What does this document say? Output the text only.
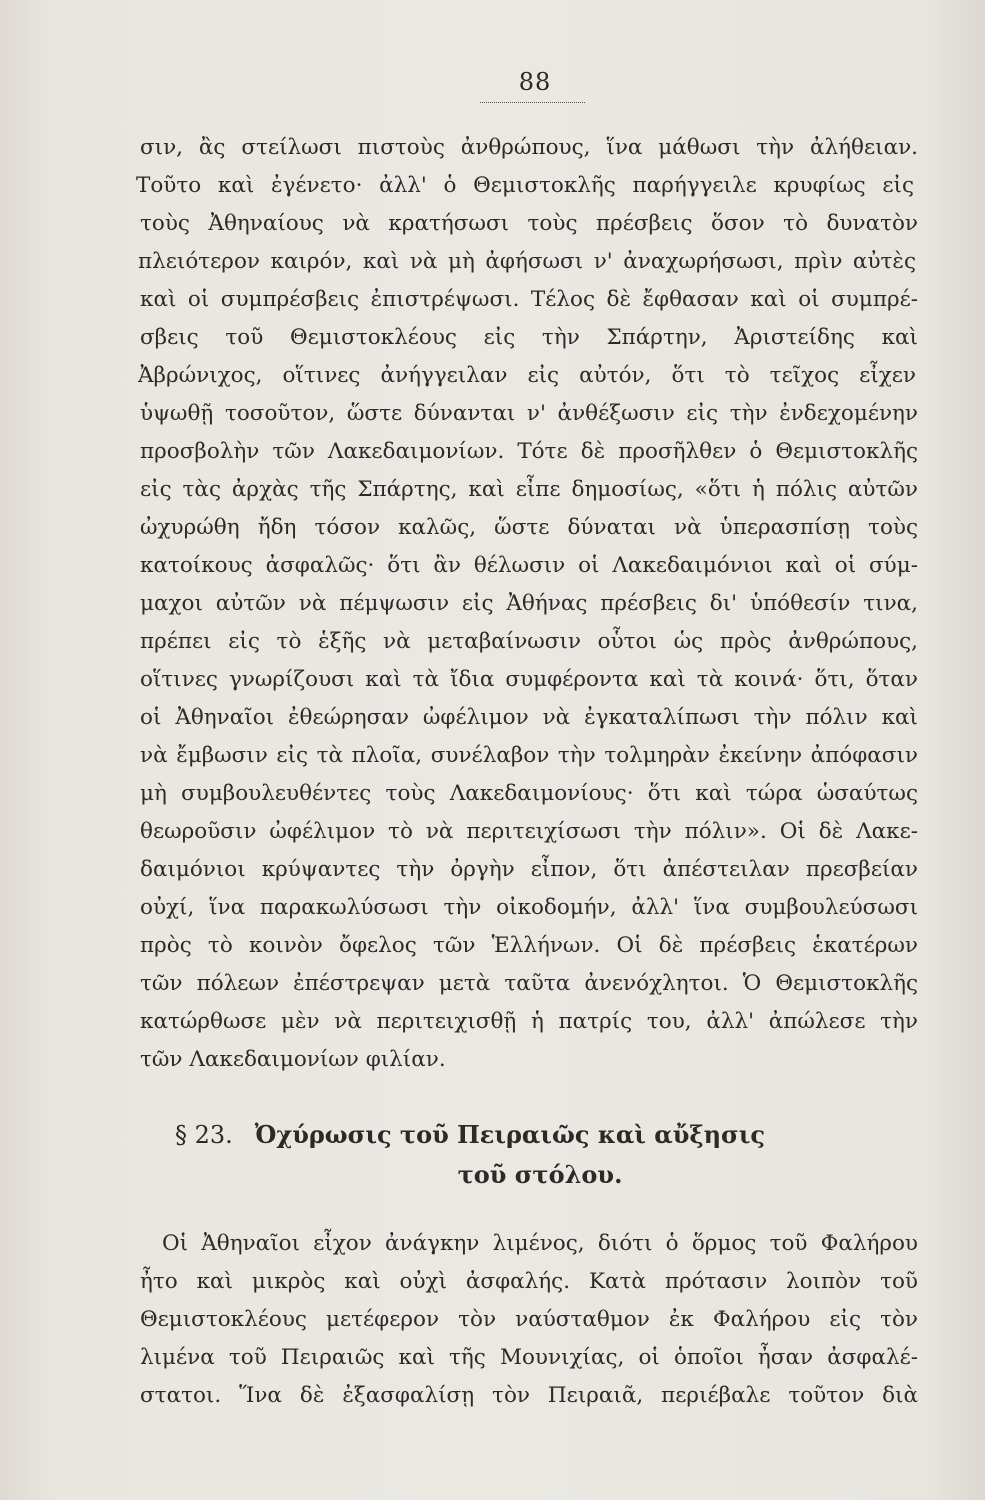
88
σιν, ἂς στείλωσι πιστοὺς ἀνθρώπους, ἵνα μάθωσι τὴν ἀλήθειαν.
Τοῦτο καὶ ἐγένετο· ἀλλ' ὁ Θεμιστοκλῆς παρήγγειλε κρυφίως εἰς
τοὺς Ἀθηναίους νὰ κρατήσωσι τοὺς πρέσβεις ὅσον τὸ δυνατὸν
πλειότερον καιρόν, καὶ νὰ μὴ ἀφήσωσι ν' ἀναχωρήσωσι, πρὶν αὐτὲς
καὶ οἱ συμπρέσβεις ἐπιστρέψωσι. Τέλος δὲ ἔφθασαν καὶ οἱ συμπρέ-
σβεις τοῦ Θεμιστοκλέους εἰς τὴν Σπάρτην, Ἀριστείδης καὶ
Ἀβρώνιχος, οἵτινες ἀνήγγειλαν εἰς αὐτόν, ὅτι τὸ τεῖχος εἶχεν
ὑψωθῇ τοσοῦτον, ὥστε δύνανται ν' ἀνθέξωσιν εἰς τὴν ἐνδεχομένην
προσβολὴν τῶν Λακεδαιμονίων. Τότε δὲ προσῆλθεν ὁ Θεμιστοκλῆς
εἰς τὰς ἀρχὰς τῆς Σπάρτης, καὶ εἶπε δημοσίως, «ὅτι ἡ πόλις αὐτῶν
ὠχυρώθη ἤδη τόσον καλῶς, ὥστε δύναται νὰ ὑπερασπίσῃ τοὺς
κατοίκους ἀσφαλῶς· ὅτι ἂν θέλωσιν οἱ Λακεδαιμόνιοι καὶ οἱ σύμ-
μαχοι αὐτῶν νὰ πέμψωσιν εἰς Ἀθήνας πρέσβεις δι' ὑπόθεσίν τινα,
πρέπει εἰς τὸ ἑξῆς νὰ μεταβαίνωσιν οὗτοι ὡς πρὸς ἀνθρώπους,
οἵτινες γνωρίζουσι καὶ τὰ ἴδια συμφέροντα καὶ τὰ κοινά· ὅτι, ὅταν
οἱ Ἀθηναῖοι ἐθεώρησαν ὠφέλιμον νὰ ἐγκαταλίπωσι τὴν πόλιν καὶ
νὰ ἔμβωσιν εἰς τὰ πλοῖα, συνέλαβον τὴν τολμηρὰν ἐκείνην ἀπόφασιν
μὴ συμβουλευθέντες τοὺς Λακεδαιμονίους· ὅτι καὶ τώρα ὡσαύτως
θεωροῦσιν ὠφέλιμον τὸ νὰ περιτειχίσωσι τὴν πόλιν». Οἱ δὲ Λακε-
δαιμόνιοι κρύψαντες τὴν ὀργὴν εἶπον, ὅτι ἀπέστειλαν πρεσβείαν
οὐχί, ἵνα παρακωλύσωσι τὴν οἰκοδομήν, ἀλλ' ἵνα συμβουλεύσωσι
πρὸς τὸ κοινὸν ὄφελος τῶν Ἑλλήνων. Οἱ δὲ πρέσβεις ἑκατέρων
τῶν πόλεων ἐπέστρεψαν μετὰ ταῦτα ἀνενόχλητοι. Ὁ Θεμιστοκλῆς
κατώρθωσε μὲν νὰ περιτειχισθῇ ἡ πατρίς του, ἀλλ' ἀπώλεσε τὴν
τῶν Λακεδαιμονίων φιλίαν.
§ 23. Ὀχύρωσις τοῦ Πειραιῶς καὶ αὔξησις
τοῦ στόλου.
Οἱ Ἀθηναῖοι εἶχον ἀνάγκην λιμένος, διότι ὁ ὅρμος τοῦ Φαλήρου
ἦτο καὶ μικρὸς καὶ οὐχὶ ἀσφαλής. Κατὰ πρότασιν λοιπὸν τοῦ
Θεμιστοκλέους μετέφερον τὸν ναύσταθμον ἐκ Φαλήρου εἰς τὸν
λιμένα τοῦ Πειραιῶς καὶ τῆς Μουνιχίας, οἱ ὁποῖοι ἦσαν ἀσφαλέ-
στατοι. Ἵνα δὲ ἐξασφαλίσῃ τὸν Πειραιᾶ, περιέβαλε τοῦτον διὰ
